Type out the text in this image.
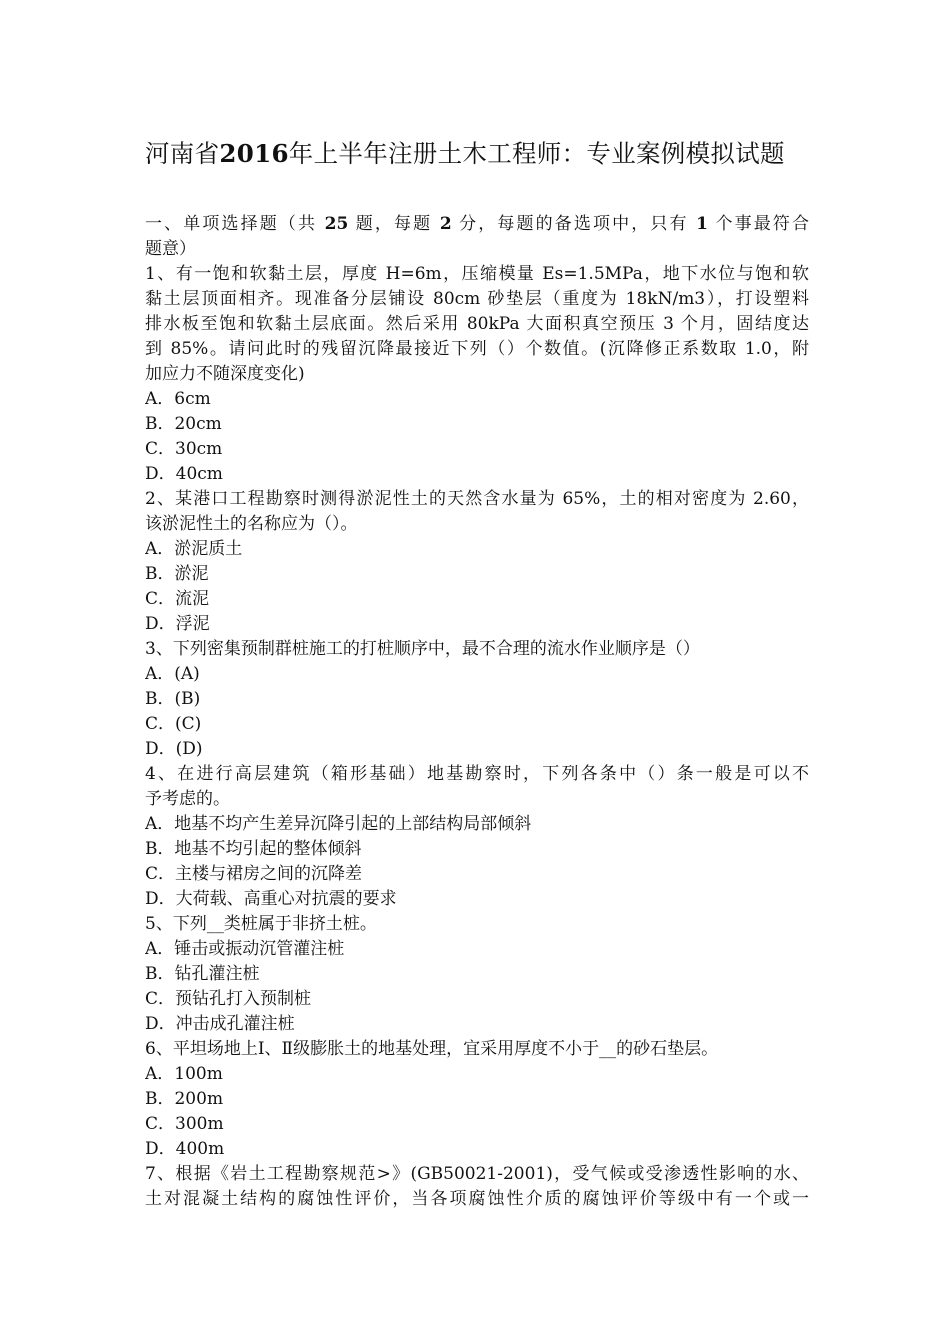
河南省2016年上半年注册土木工程师：专业案例模拟试题
一、单项选择题（共 25 题，每题 2 分，每题的备选项中，只有 1 个事最符合
题意）
1、有一饱和软黏土层，厚度 H=6m，压缩模量 Es=1.5MPa，地下水位与饱和软
黏土层顶面相齐。现准备分层铺设 80cm 砂垫层（重度为 18kN/m3），打设塑料
排水板至饱和软黏土层底面。然后采用 80kPa 大面积真空预压 3 个月，固结度达
到 85%。请问此时的残留沉降最接近下列（）个数值。(沉降修正系数取 1.0，附
加应力不随深度变化)
A．6cm
B．20cm
C．30cm
D．40cm
2、某港口工程勘察时测得淤泥性土的天然含水量为 65%，土的相对密度为 2.60，
该淤泥性土的名称应为（）。
A．淤泥质土
B．淤泥
C．流泥
D．浮泥
3、下列密集预制群桩施工的打桩顺序中，最不合理的流水作业顺序是（）
A．(A)
B．(B)
C．(C)
D．(D)
4、在进行高层建筑（箱形基础）地基勘察时，下列各条中（）条一般是可以不
予考虑的。
A．地基不均产生差异沉降引起的上部结构局部倾斜
B．地基不均引起的整体倾斜
C．主楼与裙房之间的沉降差
D．大荷载、高重心对抗震的要求
5、下列__类桩属于非挤土桩。
A．锤击或振动沉管灌注桩
B．钻孔灌注桩
C．预钻孔打入预制桩
D．冲击成孔灌注桩
6、平坦场地上Ⅰ、Ⅱ级膨胀土的地基处理，宜采用厚度不小于__的砂石垫层。
A．100m
B．200m
C．300m
D．400m
7、根据《岩土工程勘察规范>》(GB50021-2001)，受气候或受渗透性影响的水、
土对混凝土结构的腐蚀性评价，当各项腐蚀性介质的腐蚀评价等级中有一个或一
